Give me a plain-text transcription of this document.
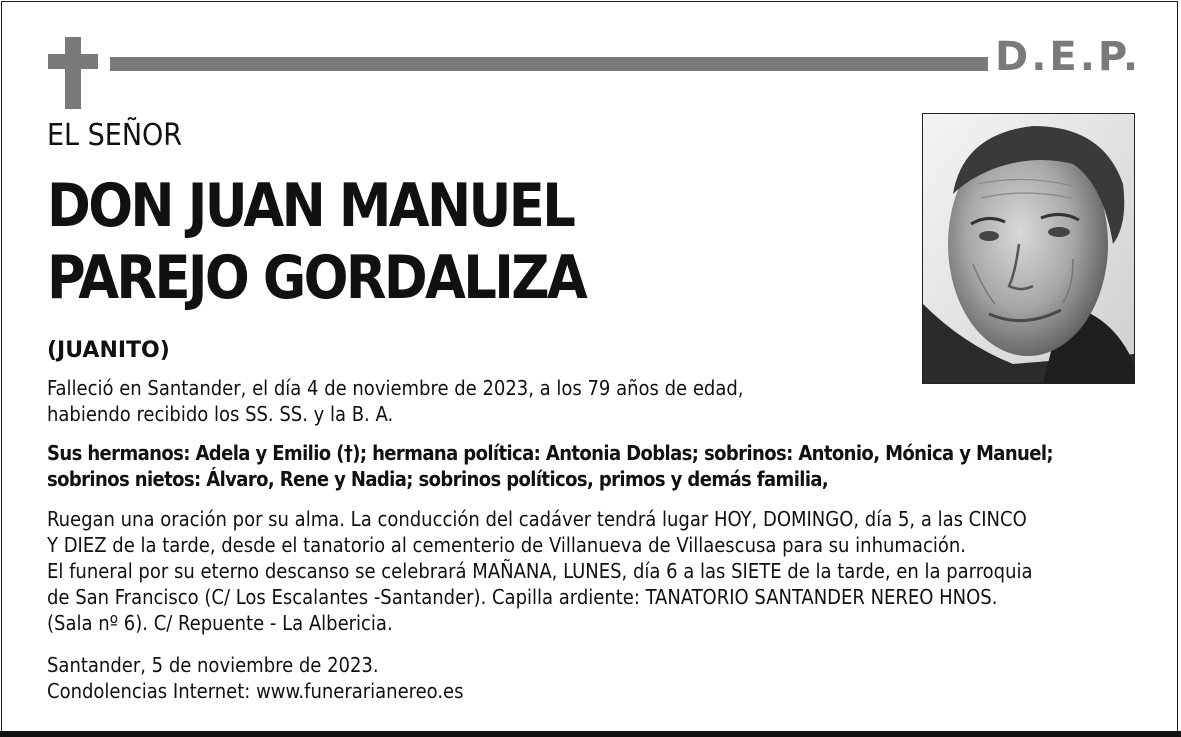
D.E.P.
EL SEÑOR
DON JUAN MANUEL
PAREJO GORDALIZA
(JUANITO)
Falleció en Santander, el día 4 de noviembre de 2023, a los 79 años de edad,
habiendo recibido los SS. SS. y la B. A.
Sus hermanos: Adela y Emilio (†); hermana política: Antonia Doblas; sobrinos: Antonio, Mónica y Manuel;
sobrinos nietos: Álvaro, Rene y Nadia; sobrinos políticos, primos y demás familia,
Ruegan una oración por su alma. La conducción del cadáver tendrá lugar HOY, DOMINGO, día 5, a las CINCO
Y DIEZ de la tarde, desde el tanatorio al cementerio de Villanueva de Villaescusa para su inhumación.
El funeral por su eterno descanso se celebrará MAÑANA, LUNES, día 6 a las SIETE de la tarde, en la parroquia
de San Francisco (C/ Los Escalantes -Santander). Capilla ardiente: TANATORIO SANTANDER NEREO HNOS.
(Sala nº 6). C/ Repuente - La Albericia.
Santander, 5 de noviembre de 2023.
Condolencias Internet: www.funerarianereo.es
